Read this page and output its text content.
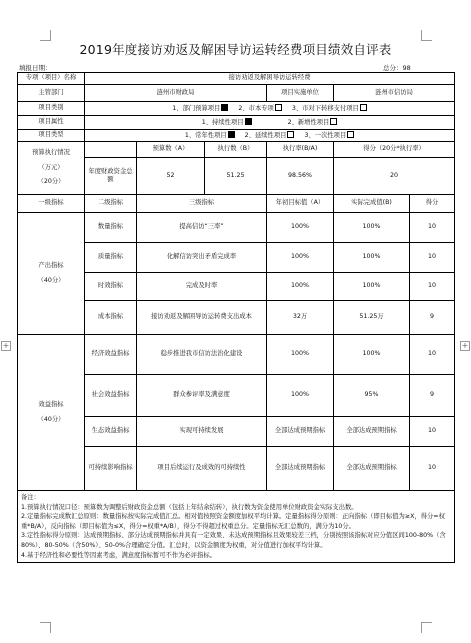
+	+
2019年度接访劝返及解困导访运转经费项目绩效自评表
填报日期：	总分：98
专项（项目）名称	接访劝返及解困导访运转经费					
主管部门	涟州市财政局			项目实施单位	涟州市信访局	
项目类别	1、部门预算项目 2、市本专项 3、市对下转移支付项目					
项目属性	1、持续性项目 2、新增性项目					
项目类型	1、常年性项目 2、延续性项目 3、一次性项目					

预算执行情况
（万元）
（20分）		预算数（A）	执行数（B）	执行率(B/A)	得分（20分*执行率）	
	年度财政资金总额	52	51.25	98.56%	20	
一级指标	二级指标	三级指标		年初目标值（A）	实际完成值(B)	得分

产出指标
（40分）	数量指标	提高信访“三率”		100%	100%	10
	质量指标	化解信访突出矛盾完成率		100%	100%	10
	时效指标	完成及时率		100%	100%	10
	成本指标	接访劝返及解困导访运转费支出成本		32万	51.25万	9

效益指标
（40分）	经济效益指标	稳步推进我市信访法治化建设		100%	100%	10
	社会效益指标	群众参评率及满意度		100%	95%	9
	生态效益指标	实现可持续发展		全部达成预期指标	全部达成预期指标	10
	可持续影响指标	项目后续运行及成效的可持续性		全部达成预期指标	全部达成预期指标	10

备注：
1.预算执行情况口径：预算数为调整后财政资金总额（包括上年结余结转），执行数为资金使用单位财政资金实际支出数。
2.定量指标完成数汇总原则：数量指标按实际完成值汇总。相对值按照资金额度加权平均计算。定量指标得分原则：正向指标（即目标值为≥X，得分=权重*B/A），反向指标（即目标值为≤X，得分=权重*A/B），得分不得超过权重总分。定量指标无汇总数的，满分为10分。
3.定性指标得分原则：达成预期指标、部分达成预期指标并具有一定效果、未达成预期指标且效果较差三档，分别按照该指标对应分值区间100-80%（含80%）、80-50%（含50%）、50-0%合理确定分值。汇总时，以资金额度为权重，对分值进行加权平均计算。
4.基于经济性和必要性等因素考虑，满意度指标暂可不作为必评指标。						
